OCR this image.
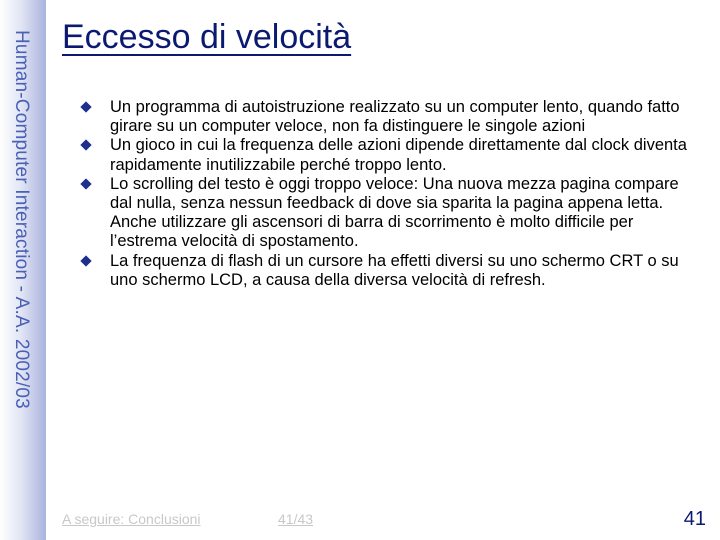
Human-Computer Interaction - A.A. 2002/03 Eccesso di velocità
Un programma di autoistruzione realizzato su un computer lento, quando fatto girare su un computer veloce, non fa distinguere le singole azioni
Un gioco in cui la frequenza delle azioni dipende direttamente dal clock diventa rapidamente inutilizzabile perché troppo lento.
Lo scrolling del testo è oggi troppo veloce: Una nuova mezza pagina compare dal nulla, senza nessun feedback di dove sia sparita la pagina appena letta. Anche utilizzare gli ascensori di barra di scorrimento è molto difficile per l’estrema velocità di spostamento.
La frequenza di flash di un cursore ha effetti diversi su uno schermo CRT o su uno schermo LCD, a causa della diversa velocità di refresh.
A seguire: Conclusioni	41/43	41
